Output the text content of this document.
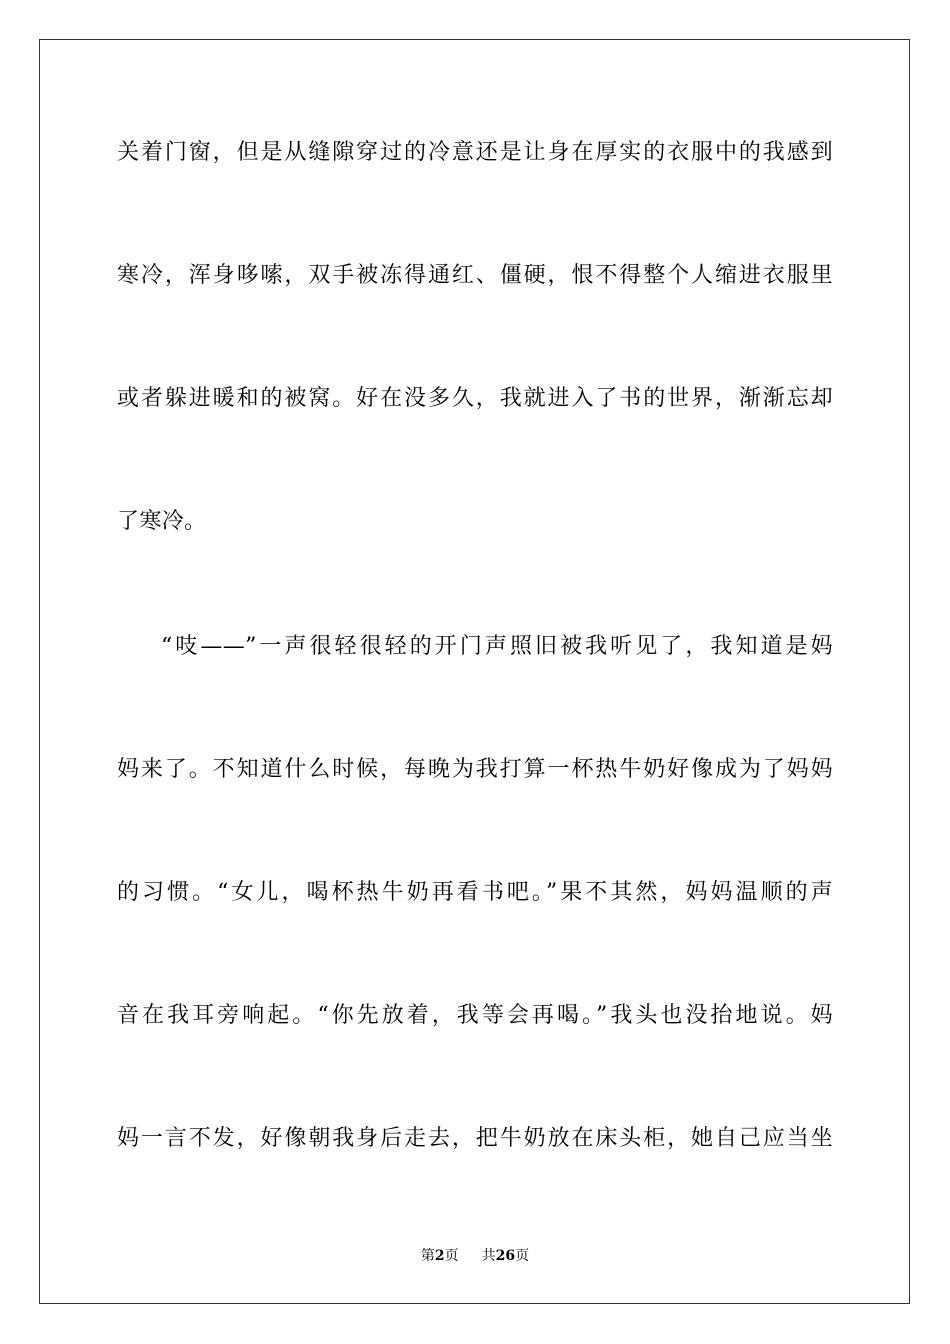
关着门窗，但是从缝隙穿过的冷意还是让身在厚实的衣服中的我感到
寒冷，浑身哆嗦，双手被冻得通红、僵硬，恨不得整个人缩进衣服里
或者躲进暖和的被窝。好在没多久，我就进入了书的世界，渐渐忘却
了寒冷。
“吱——”一声很轻很轻的开门声照旧被我听见了，我知道是妈
妈来了。不知道什么时候，每晚为我打算一杯热牛奶好像成为了妈妈
的习惯。“女儿，喝杯热牛奶再看书吧。”果不其然，妈妈温顺的声
音在我耳旁响起。“你先放着，我等会再喝。”我头也没抬地说。妈
妈一言不发，好像朝我身后走去，把牛奶放在床头柜，她自己应当坐
第2页 共26页
